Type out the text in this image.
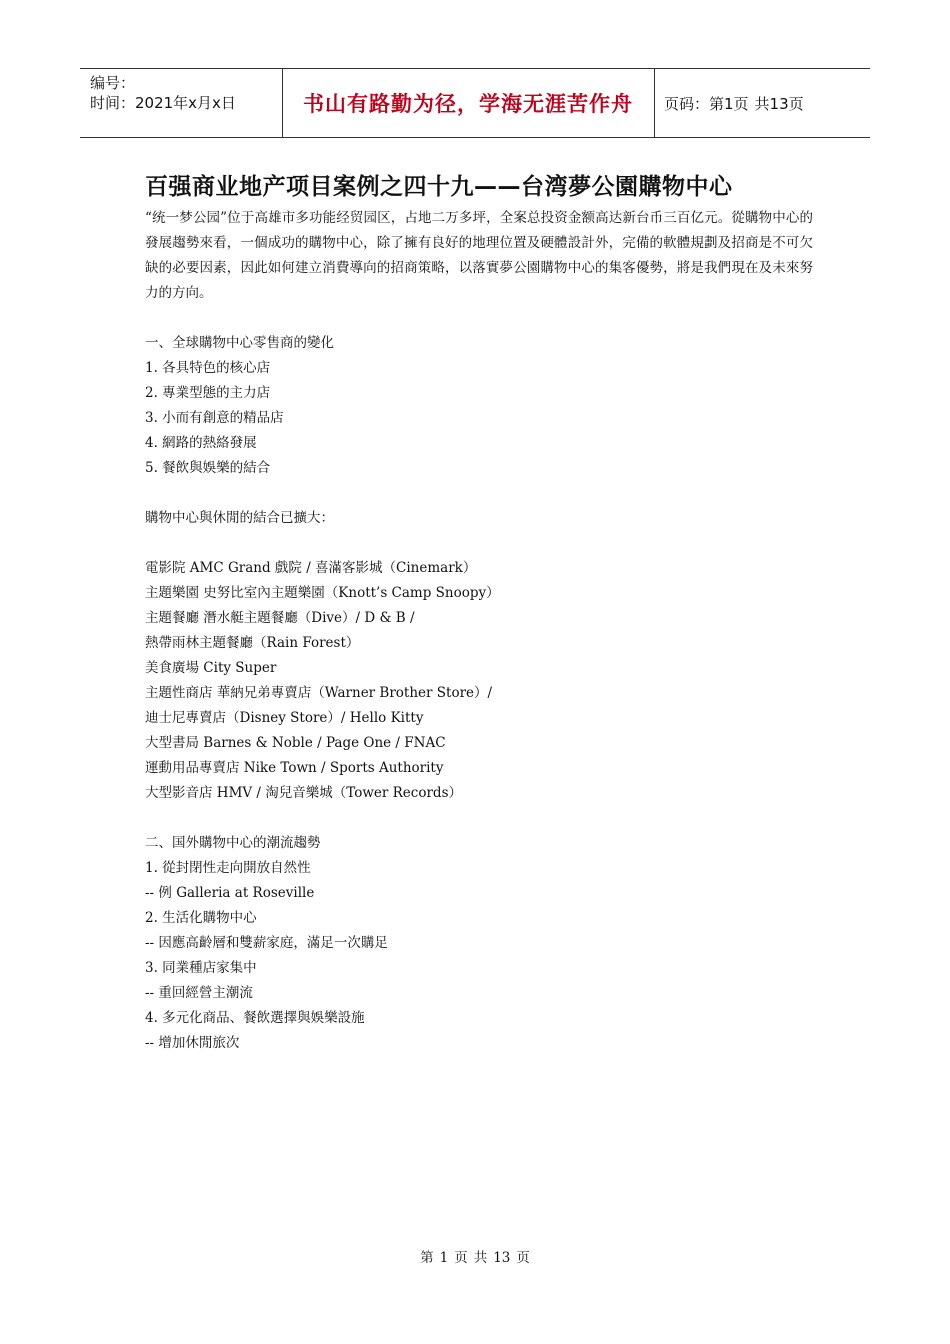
编号：
时间：2021年x月x日	书山有路勤为径，学海无涯苦作舟	页码：第1页 共13页
百强商业地产项目案例之四十九——台湾夢公園購物中心

“统一梦公园”位于高雄市多功能经贸园区，占地二万多坪，全案总投资金额高达新台币三百亿元。從購物中心的發展趨勢來看，一個成功的購物中心，除了擁有良好的地理位置及硬體設計外，完備的軟體規劃及招商是不可欠缺的必要因素，因此如何建立消費導向的招商策略，以落實夢公園購物中心的集客優勢，將是我們現在及未來努力的方向。

一、全球購物中心零售商的變化
1. 各具特色的核心店
2. 專業型態的主力店
3. 小而有創意的精品店
4. 網路的熱絡發展
5. 餐飲與娛樂的結合
購物中心與休閒的結合已擴大：
電影院 AMC Grand 戲院 / 喜滿客影城（Cinemark）
主題樂園 史努比室內主題樂園（Knott’s Camp Snoopy）
主題餐廳 潛水艇主題餐廳（Dive）/ D & B /
熱帶雨林主題餐廳（Rain Forest）
美食廣場 City Super
主題性商店 華納兄弟專賣店（Warner Brother Store）/
迪士尼專賣店（Disney Store）/ Hello Kitty
大型書局 Barnes & Noble / Page One / FNAC
運動用品專賣店 Nike Town / Sports Authority
大型影音店 HMV / 淘兒音樂城（Tower Records）
二、国外購物中心的潮流趨勢
1. 從封閉性走向開放自然性
-- 例 Galleria at Roseville
2. 生活化購物中心
-- 因應高齡層和雙薪家庭，滿足一次購足
3. 同業種店家集中
-- 重回經營主潮流
4. 多元化商品、餐飲選擇與娛樂設施
-- 增加休閒旅次
第 1 页 共 13 页
